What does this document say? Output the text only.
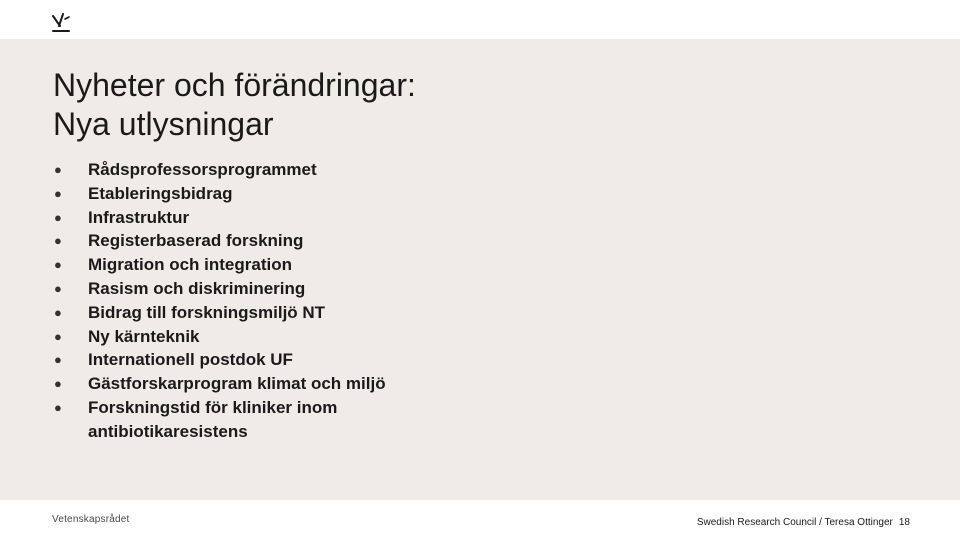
Nyheter och förändringar:
Nya utlysningar
● Rådsprofessorsprogrammet
● Etableringsbidrag
● Infrastruktur
● Registerbaserad forskning
● Migration och integration
● Rasism och diskriminering
● Bidrag till forskningsmiljö NT
● Ny kärnteknik
● Internationell postdok UF
● Gästforskarprogram klimat och miljö
● Forskningstid för kliniker inom antibiotikaresistens
Vetenskapsrådet	Swedish Research Council / Teresa Ottinger 18
